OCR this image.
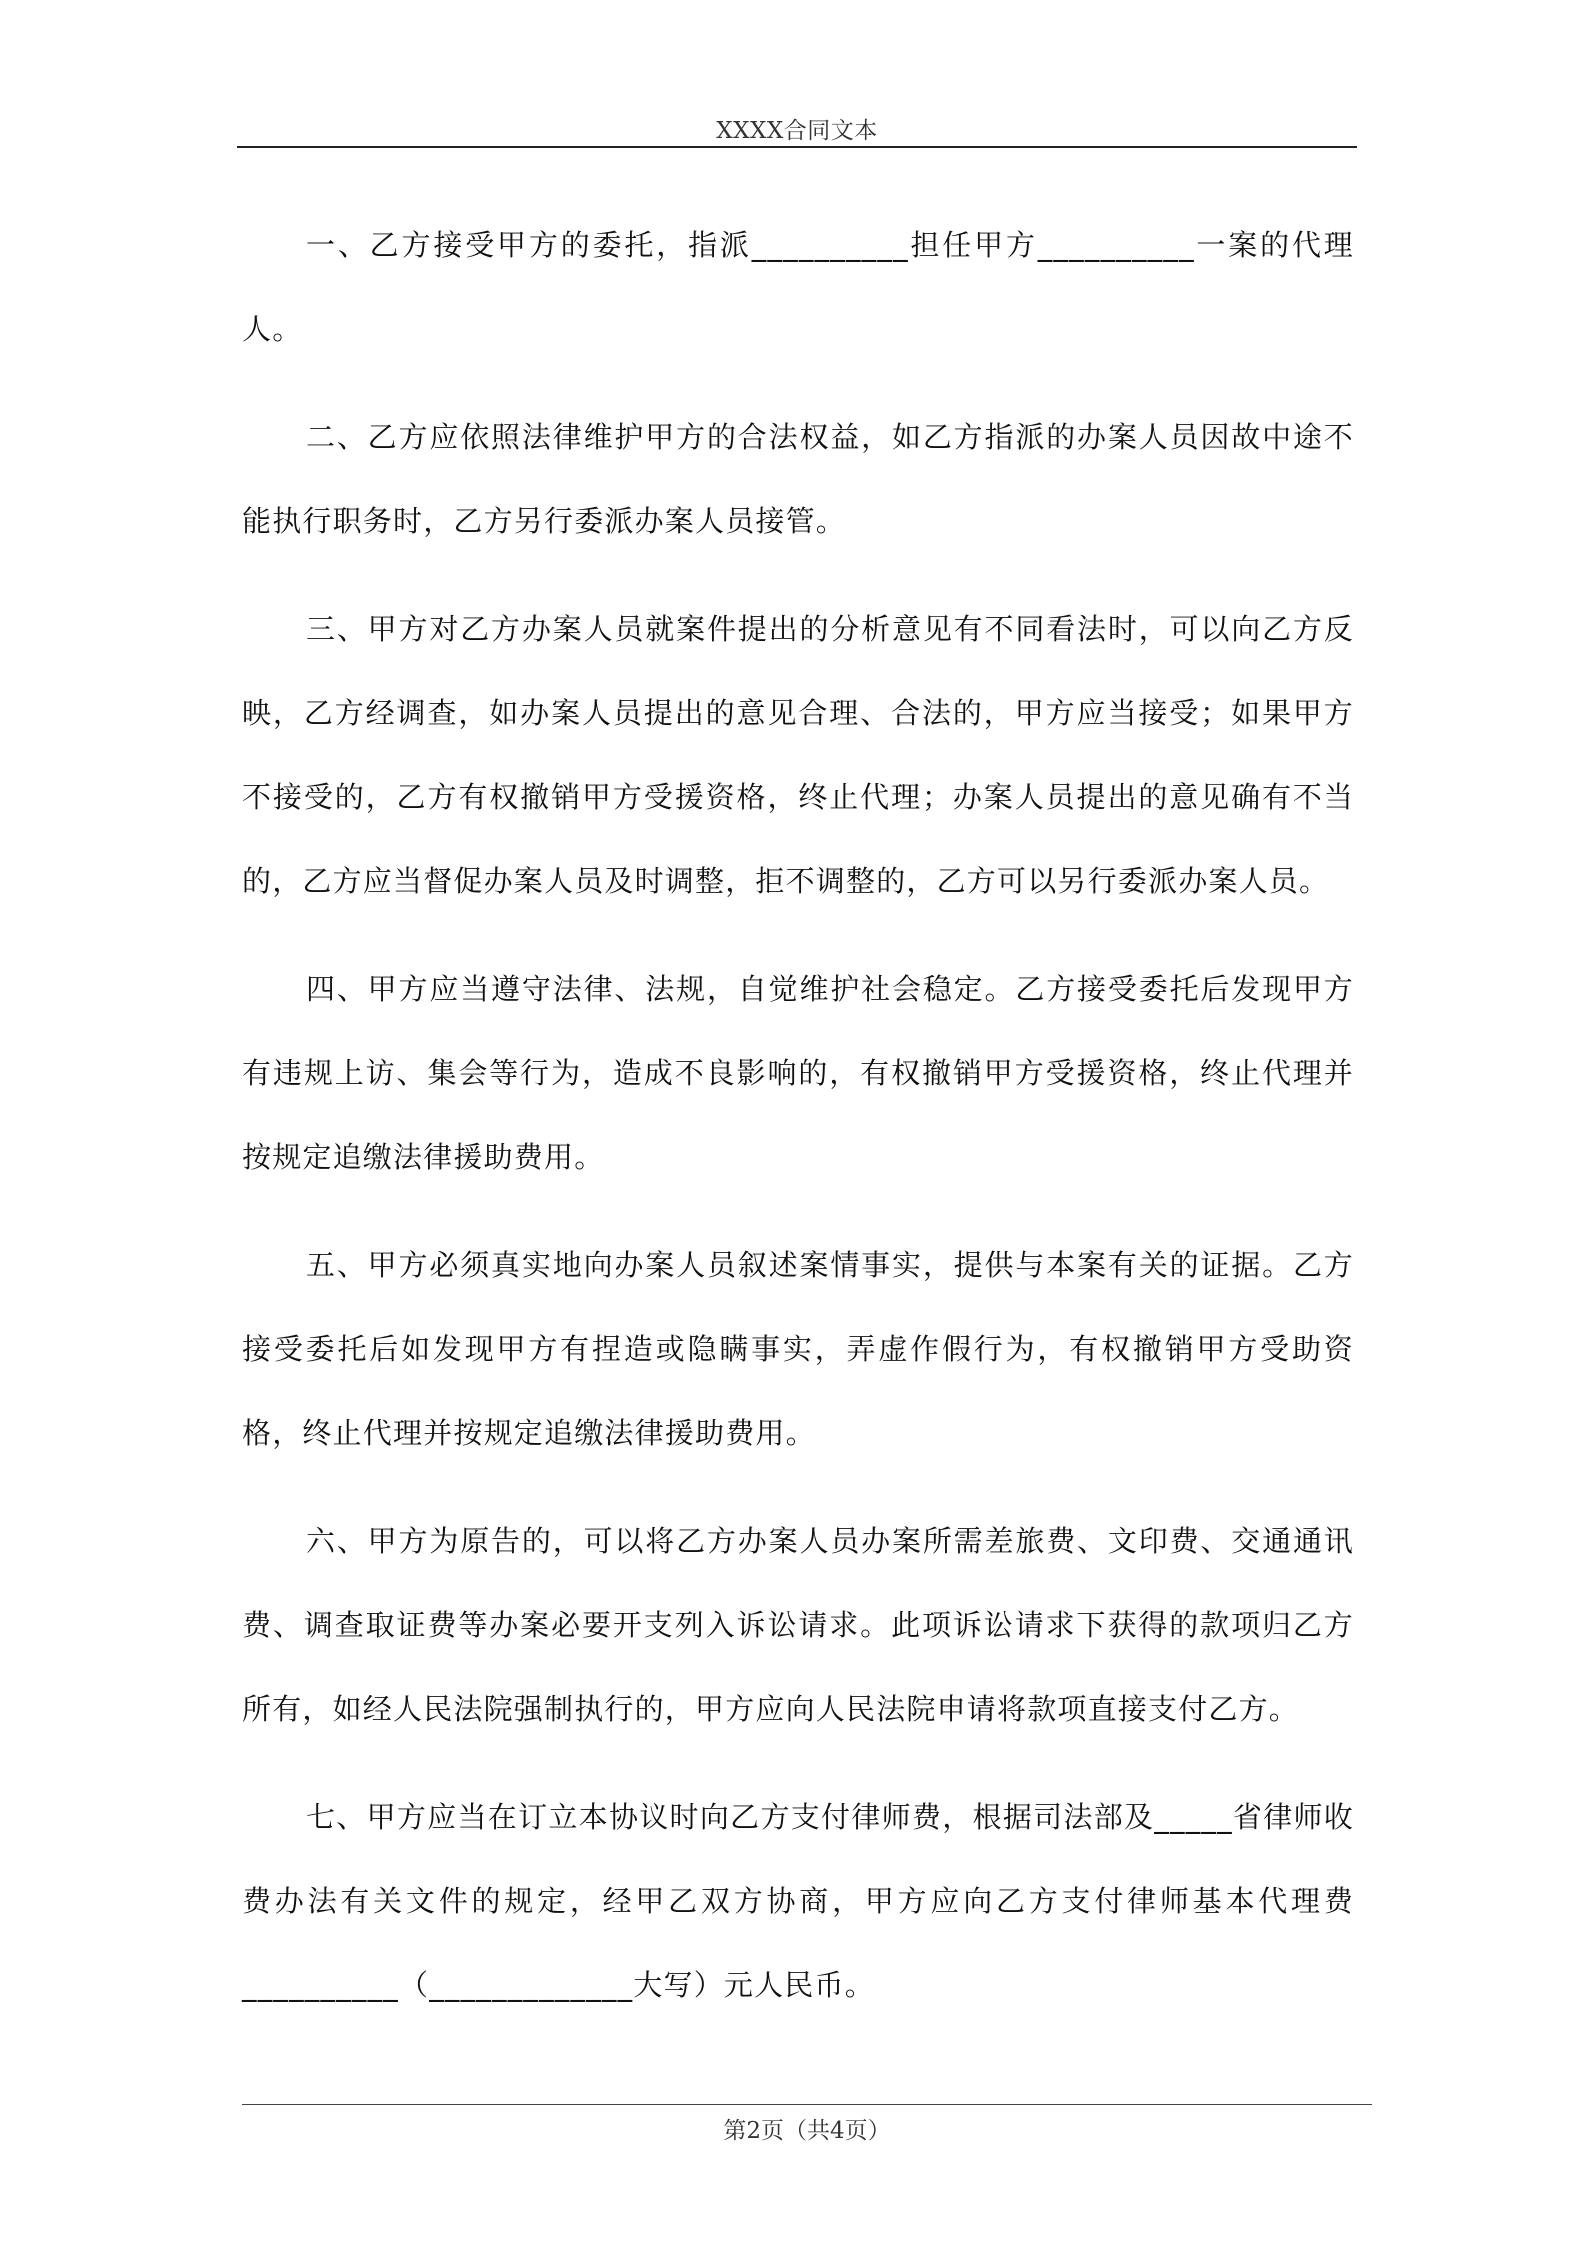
XXXX合同文本

一、乙方接受甲方的委托，指派__________担任甲方__________一案的代理人。

二、乙方应依照法律维护甲方的合法权益，如乙方指派的办案人员因故中途不能执行职务时，乙方另行委派办案人员接管。

三、甲方对乙方办案人员就案件提出的分析意见有不同看法时，可以向乙方反映，乙方经调查，如办案人员提出的意见合理、合法的，甲方应当接受；如果甲方不接受的，乙方有权撤销甲方受援资格，终止代理；办案人员提出的意见确有不当的，乙方应当督促办案人员及时调整，拒不调整的，乙方可以另行委派办案人员。

四、甲方应当遵守法律、法规，自觉维护社会稳定。乙方接受委托后发现甲方有违规上访、集会等行为，造成不良影响的，有权撤销甲方受援资格，终止代理并按规定追缴法律援助费用。

五、甲方必须真实地向办案人员叙述案情事实，提供与本案有关的证据。乙方接受委托后如发现甲方有捏造或隐瞒事实，弄虚作假行为，有权撤销甲方受助资格，终止代理并按规定追缴法律援助费用。

六、甲方为原告的，可以将乙方办案人员办案所需差旅费、文印费、交通通讯费、调查取证费等办案必要开支列入诉讼请求。此项诉讼请求下获得的款项归乙方所有，如经人民法院强制执行的，甲方应向人民法院申请将款项直接支付乙方。

七、甲方应当在订立本协议时向乙方支付律师费，根据司法部及_____省律师收费办法有关文件的规定，经甲乙双方协商，甲方应向乙方支付律师基本代理费__________（_____________大写）元人民币。

第2页（共4页）
